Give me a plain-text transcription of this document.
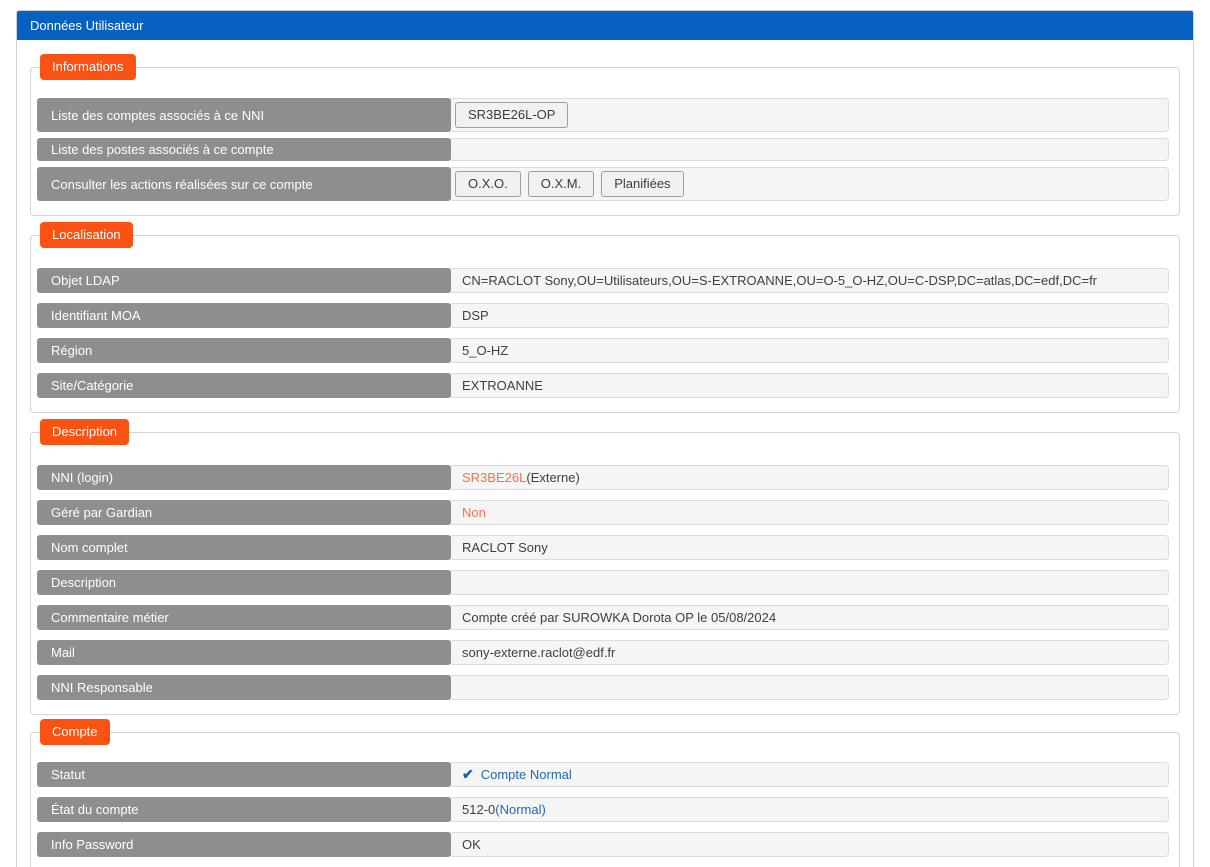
Données Utilisateur
Informations
Liste des comptes associés à ce NNI	SR3BE26L-OP
Liste des postes associés à ce compte
Consulter les actions réalisées sur ce compte	O.X.O.	O.X.M.	Planifiées
Localisation
Objet LDAP	CN=RACLOT Sony,OU=Utilisateurs,OU=S-EXTROANNE,OU=O-5_O-HZ,OU=C-DSP,DC=atlas,DC=edf,DC=fr
Identifiant MOA	DSP
Région	5_O-HZ
Site/Catégorie	EXTROANNE
Description
NNI (login)	SR3BE26L (Externe)
Géré par Gardian	Non
Nom complet	RACLOT Sony
Description
Commentaire métier	Compte créé par SUROWKA Dorota OP le 05/08/2024
Mail	sony-externe.raclot@edf.fr
NNI Responsable
Compte
Statut	✔ Compte Normal
État du compte	512-0 (Normal)
Info Password	OK
